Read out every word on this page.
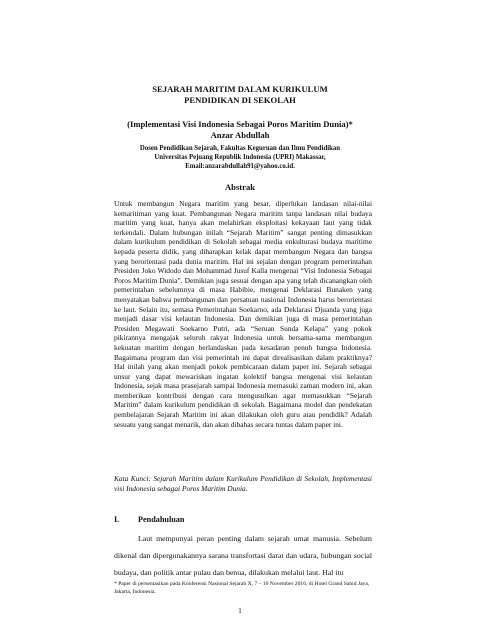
SEJARAH MARITIM DALAM KURIKULUM
PENDIDIKAN DI SEKOLAH
(Implementasi Visi Indonesia Sebagai Poros Maritim Dunia)*
Anzar Abdullah
Dosen Pendidikan Sejarah, Fakultas Keguruan dan Ilmu Pendidikan
Universitas Pejuang Republik Indonesia (UPRI) Makassar,
Email:anzarabdullah91@yahoo.co.id.
Abstrak

Untuk membangun Negara maritim yang besar, diperlukan landasan nilai-nilai kemaritiman yang kuat. Pembangunan Negara maritim tanpa landasan nilai budaya maritim yang kuat, hanya akan melahirkan eksploitasi kekayaan laut yang tidak terkendali. Dalam hubungan inilah “Sejarah Maritim” sangat penting dimasukkan dalam kurikulum pendidikan di Sekolah sebagai media enkulturasi budaya maritime kepada peserta didik, yang diharapkan kelak dapat membangun Negara dan bangsa yang berorientasi pada dunia maritim. Hal ini sejalan dengan program pemerintahan Presiden Joko Widodo dan Mohammad Jusuf Kalla mengenai “Visi Indonesia Sebagai Poros Maritim Dunia”. Demikian juga sesuai dengan apa yang telah dicanangkan oleh pemerintahan sebelumnya di masa Habibie, mengenai Deklarasi Bunaken yang menyatakan bahwa pembangunan dan persatuan nasional Indonesia harus berorientasi ke laut. Selain itu, semasa Pemerintahan Soekarno, ada Deklarasi Djuanda yang juga menjadi dasar visi kelautan Indonesia. Dan demikian juga di masa pemerintahan Presiden Megawati Soekarno Putri, ada “Seruan Sunda Kelapa” yang pokok pikirannya mengajak seluruh rakyat Indonesia untuk bersama-sama membangun kekuatan maritim dengan berlandaskan pada kesadaran penuh bangsa Indonesia. Bagaimana program dan visi pemerintah ini dapat direalisasikan dalam praktiknya? Hal inilah yang akan menjadi pokok pembicaraan dalam paper ini. Sejarah sebagai unsur yang dapat mewariskan ingatan kolektif bangsa mengenai visi kelautan Indonesia, sejak masa prasejarah sampai Indonesia memasuki zaman modern ini, akan memberikan kontribusi dengan cara mengusulkan agar memasukkan “Sejarah Maritim” dalam kurikulum pendidikan di sekolah. Bagaimana model dan pendekatan pembelajaran Sejarah Maritim ini akan dilakukan oleh guru atau pendidik? Adalah sesuatu yang sangat menarik, dan akan dibahas secara tuntas dalam paper ini.

Kata Kunci: Sejarah Maritim dalam Kurikulum Pendidikan di Sekolah, Implementasi visi Indonesia sebagai Poros Maritim Dunia.

I. Pendahuluan

Laut mempunyai peran penting dalam sejarah umat manusia. Sebelum dikenal dan dipergunakannya sarana transfortasi darat dan udara, hubungan social budaya, dan politik antar pulau dan benua, dilakukan melalui laut. Hal itu

* Paper di persentasikan pada Konferensi Nasional Sejarah X, 7 – 10 November 2016, di Hotel Grand Sahid Jaya, Jakarta, Indonesia.

1
